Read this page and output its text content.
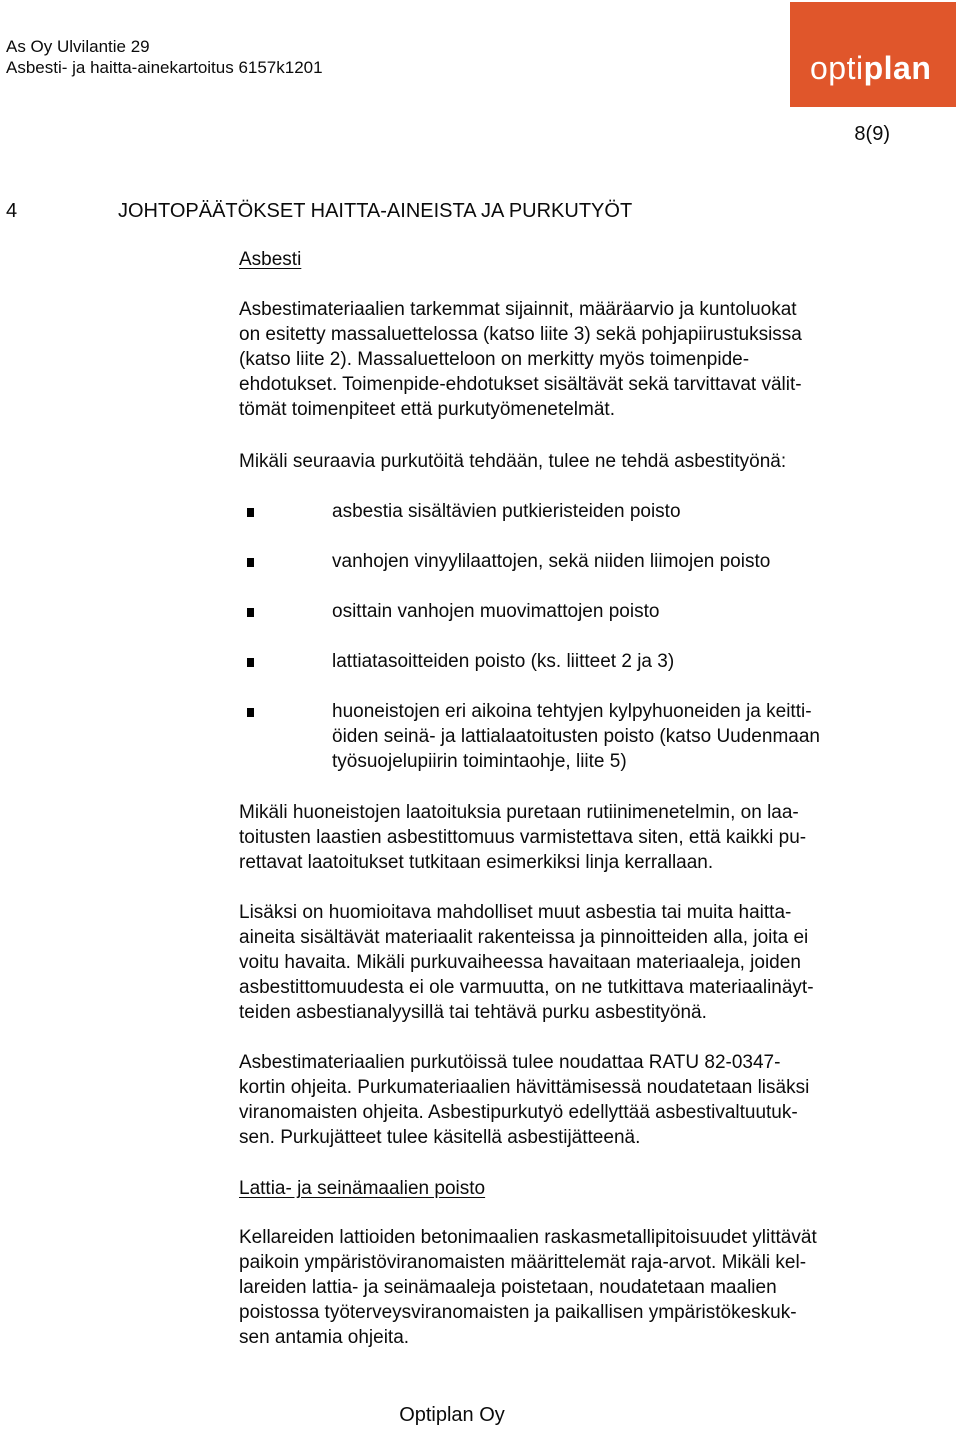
As Oy Ulvilantie 29
Asbesti- ja haitta-ainekartoitus 6157k1201	optiplan
8(9)
4	JOHTOPÄÄTÖKSET HAITTA-AINEISTA JA PURKUTYÖT
Asbesti

Asbestimateriaalien tarkemmat sijainnit, määräarvio ja kuntoluokat

on esitetty massaluettelossa (katso liite 3) sekä pohjapiirustuksissa

(katso liite 2). Massaluetteloon on merkitty myös toimenpide-

ehdotukset. Toimenpide-ehdotukset sisältävät sekä tarvittavat välit-

tömät toimenpiteet että purkutyömenetelmät.

Mikäli seuraavia purkutöitä tehdään, tulee ne tehdä asbestityönä:

asbestia sisältävien putkieristeiden poisto

vanhojen vinyylilaattojen, sekä niiden liimojen poisto

osittain vanhojen muovimattojen poisto

lattiatasoitteiden poisto (ks. liitteet 2 ja 3)

huoneistojen eri aikoina tehtyjen kylpyhuoneiden ja keitti-

öiden seinä- ja lattialaatoitusten poisto (katso Uudenmaan

työsuojelupiirin toimintaohje, liite 5)

Mikäli huoneistojen laatoituksia puretaan rutiinimenetelmin, on laa-

toitusten laastien asbestittomuus varmistettava siten, että kaikki pu-

rettavat laatoitukset tutkitaan esimerkiksi linja kerrallaan.

Lisäksi on huomioitava mahdolliset muut asbestia tai muita haitta-

aineita sisältävät materiaalit rakenteissa ja pinnoitteiden alla, joita ei

voitu havaita. Mikäli purkuvaiheessa havaitaan materiaaleja, joiden

asbestittomuudesta ei ole varmuutta, on ne tutkittava materiaalinäyt-

teiden asbestianalyysillä tai tehtävä purku asbestityönä.

Asbestimateriaalien purkutöissä tulee noudattaa RATU 82-0347-

kortin ohjeita. Purkumateriaalien hävittämisessä noudatetaan lisäksi

viranomaisten ohjeita. Asbestipurkutyö edellyttää asbestivaltuutuk-

sen. Purkujätteet tulee käsitellä asbestijätteenä.

Lattia- ja seinämaalien poisto

Kellareiden lattioiden betonimaalien raskasmetallipitoisuudet ylittävät

paikoin ympäristöviranomaisten määrittelemät raja-arvot. Mikäli kel-

lareiden lattia- ja seinämaaleja poistetaan, noudatetaan maalien

poistossa työterveysviranomaisten ja paikallisen ympäristökeskuk-

sen antamia ohjeita.

Optiplan Oy
